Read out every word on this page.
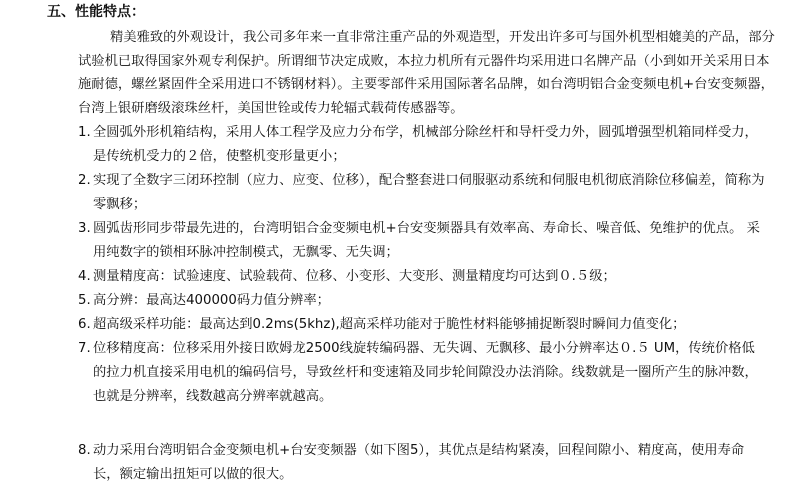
五、性能特点：

精美雅致的外观设计，我公司多年来一直非常注重产品的外观造型，开发出许多可与国外机型相媲美的产品，部分试验机已取得国家外观专利保护。所谓细节决定成败，本拉力机所有元器件均采用进口名牌产品（小到如开关采用日本施耐德，螺丝紧固件全采用进口不锈钢材料）。主要零部件采用国际著名品牌，如台湾明铝合金变频电机+台安变频器，台湾上银研磨级滚珠丝杆，美国世铨或传力轮辐式载荷传感器等。

1. 全圆弧外形机箱结构，采用人体工程学及应力分布学，机械部分除丝杆和导杆受力外，圆弧增强型机箱同样受力，是传统机受力的２倍，使整机变形量更小；
2. 实现了全数字三闭环控制（应力、应变、位移），配合整套进口伺服驱动系统和伺服电机彻底消除位移偏差，简称为零飘移；
3. 圆弧齿形同步带最先进的，台湾明铝合金变频电机+台安变频器具有效率高、寿命长、噪音低、免维护的优点。 采用纯数字的锁相环脉冲控制模式，无飘零、无失调；
4. 测量精度高：试验速度、试验载荷、位移、小变形、大变形、测量精度均可达到０.５级；
5. 高分辨：最高达400000码力值分辨率；
6. 超高级采样功能：最高达到0.2ms(5khz),超高采样功能对于脆性材料能够捕捉断裂时瞬间力值变化；
7. 位移精度高：位移采用外接日欧姆龙2500线旋转编码器、无失调、无飘移、最小分辨率达０.５ UM，传统价格低的拉力机直接采用电机的编码信号，导致丝杆和变速箱及同步轮间隙没办法消除。线数就是一圈所产生的脉冲数，也就是分辨率，线数越高分辨率就越高。
8. 动力采用台湾明铝合金变频电机+台安变频器（如下图5），其优点是结构紧凑，回程间隙小、精度高，使用寿命长，额定输出扭矩可以做的很大。
